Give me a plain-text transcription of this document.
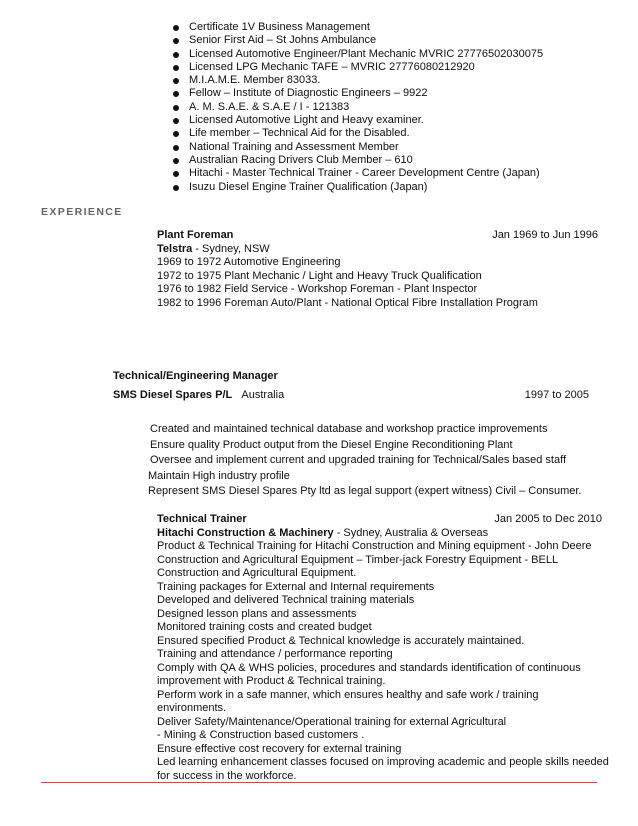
Certificate 1V Business Management
Senior First Aid – St Johns Ambulance
Licensed Automotive Engineer/Plant Mechanic MVRIC 27776502030075
Licensed LPG Mechanic TAFE – MVRIC 27776080212920
M.I.A.M.E. Member 83033.
Fellow – Institute of Diagnostic Engineers – 9922
A. M. S.A.E. & S.A.E / I - 121383
Licensed Automotive Light and Heavy examiner.
Life member – Technical Aid for the Disabled.
National Training and Assessment Member
Australian Racing Drivers Club Member – 610
Hitachi - Master Technical Trainer - Career Development Centre (Japan)
Isuzu Diesel Engine Trainer Qualification (Japan)
EXPERIENCE
Plant Foreman	Jan 1969 to Jun 1996
Telstra - Sydney, NSW
1969 to 1972 Automotive Engineering
1972 to 1975 Plant Mechanic / Light and Heavy Truck Qualification
1976 to 1982 Field Service - Workshop Foreman - Plant Inspector
1982 to 1996 Foreman Auto/Plant - National Optical Fibre Installation Program
Technical/Engineering Manager
SMS Diesel Spares P/L Australia	1997 to 2005
Created and maintained technical database and workshop practice improvements
Ensure quality Product output from the Diesel Engine Reconditioning Plant
Oversee and implement current and upgraded training for Technical/Sales based staff
Maintain High industry profile
Represent SMS Diesel Spares Pty ltd as legal support (expert witness) Civil – Consumer.
Technical Trainer	Jan 2005 to Dec 2010
Hitachi Construction & Machinery - Sydney, Australia & Overseas
Product & Technical Training for Hitachi Construction and Mining equipment - John Deere
Construction and Agricultural Equipment – Timber-jack Forestry Equipment - BELL
Construction and Agricultural Equipment.
Training packages for External and Internal requirements
Developed and delivered Technical training materials
Designed lesson plans and assessments
Monitored training costs and created budget
Ensured specified Product & Technical knowledge is accurately maintained.
Training and attendance / performance reporting
Comply with QA & WHS policies, procedures and standards identification of continuous
improvement with Product & Technical training.
Perform work in a safe manner, which ensures healthy and safe work / training
environments.
Deliver Safety/Maintenance/Operational training for external Agricultural
- Mining & Construction based customers .
Ensure effective cost recovery for external training
Led learning enhancement classes focused on improving academic and people skills needed
for success in the workforce.
